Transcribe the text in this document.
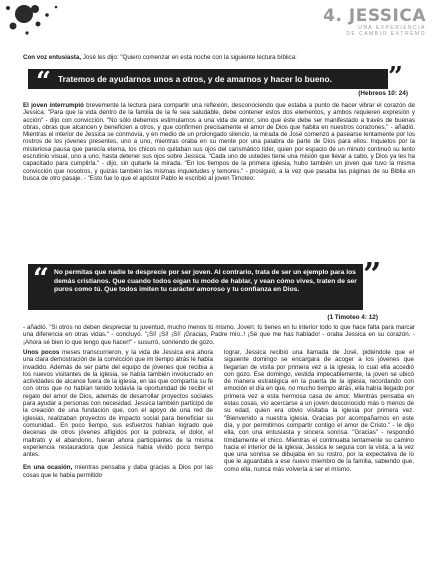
4. JESSICA
UNA EXPERIENCIA
DE CAMBIO EXTREMO
Con voz entusiasta, José les dijo: "Quiero comenzar en esta noche con la siguiente lectura bíblica:
“ Tratemos de ayudarnos unos a otros, y de amarnos y hacer lo bueno. ”
(Hebreos 10: 24)
El joven interrumpió brevemente la lectura para compartir una reflexión, desconociendo que estaba a punto de hacer vibrar el corazón de Jessica. "Para que la vida dentro de la familia de la fe sea saludable, debe contener estos dos elementos, y ambos requieren expresión y acción" - dijo con convicción. "No sólo debemos estimularnos a una vida de amor, sino que éste debe ser manifestado a través de buenas obras, obras que alcancen y beneficien a otros, y que confirmen precisamente el amor de Dios que habita en nuestros corazones." - añadió. Mientras el interior de Jessica se conmovía, y en medio de un prolongado silencio, la mirada de José comenzó a pasearse lentamente por los rostros de los jóvenes presentes, uno a uno, mientras oraba en su mente por una palabra de parte de Dios para ellos. Inquietos por la misteriosa pausa que parecía eterna, los chicos no quitaban sus ojos del carismático líder, quien por espacio de un minuto continuó su lento escrutinio visual, uno a uno, hasta detener sus ojos sobre Jessica. "Cada uno de ustedes tiene una misión que llevar a cabo, y Dios ya les ha capacitado para cumplirla." - dijo, sin quitarle la mirada. "En los tiempos de la primera iglesia, hubo también un joven que tuvo la misma convicción que nosotros, y quizás también las mismas inquietudes y temores." - prosiguió, a la vez que pasaba las páginas de su Biblia en busca de otro pasaje. - "Esto fue lo que el apóstol Pablo le escribió al joven Timoteo:
“ No permitas que nadie te desprecie por ser joven. Al contrario, trata de ser un ejemplo para los demás cristianos. Que cuando todos oigan tu modo de hablar, y vean cómo vives, traten de ser puros como tú. Que todos imiten tu carácter amoroso y tu confianza en Dios.	”
(1 Timoteo 4: 12)
- añadió. "Si otros no deben despreciar tu juventud, mucho menos tú mismo. Joven: tú tienes en tu interior todo lo que hace falta para marcar una diferencia en otras vidas." - concluyó. "¡Sí! ¡Sí! ¡Sí! ¡Gracias, Padre mío..! ¡Sé que me has hablado! - oraba Jessica en su corazón. - ¡Ahora sé bien lo que tengo que hacer!" - susurró, sonriendo de gozo.
Unos pocos meses transcurrieron, y la vida de Jessica era ahora una clara demostración de la convicción que im tiempo atrás le había invadido. Además de ser parte del equipo de jóvenes que recibía a los nuevos visitantes de la iglesia, se había también involucrado en actividades de alcance fuera de la iglesia, en las que compartía su fe con otros que no habían tenido todavía la oportunidad de recibir el regalo del amor de Dios, además de desarrollar proyectos sociales para ayudar a personas con necesidad. Jessica también participó de la creación de una fundación que, con el apoyo de una red de iglesias, realizaban proyectos de impacto social para beneficiar su comunidad.. En poco tiempo, sus esfuerzos habían logrado que decenas de otros jóvenes afligidos por la pobreza, el dolor, el maltrato y el abandono, fueran ahora participantes de la misma experiencia restauradora que Jessica había vivido poco tiempo antes.
En una ocasión, mientras pensaba y daba gracias a Dios por las cosas que le había permitido
lograr, Jessica recibió una llamada de José, pidiéndole que el siguiente domingo se encargara de acoger a los jóvenes que llegarían de visita por primera vez a la iglesia, lo cual ella accedió con gozo. Ese domingo, vestida impecablemente, la joven se ubicó de manera estratégica en la puerta de la iglesia, recordando con emoción el día en que, no mucho tiempo atrás, ella había llegado por primera vez a esta hermosa casa de amor. Mientras pensaba en estas cosas, vio acercarse a un joven desconocido más o menos de su edad, quien era obvio visitaba la iglesia por primera vez. "Bienvenido a nuestra iglesia. Gracias por acompañarnos en este día, y por permitirnos compartir contigo el amor de Cristo." - le dijo ella, con una entusiasta y sincera sonrisa. "Gracias" - respondió tímidamente el chico. Mientras el continuaba lentamente su camino hacia el interior de la iglesia, Jessica le seguía con la vista, a la vez que una sonrisa se dibujaba en su rostro, por la expectativa de lo que le aguardaba a ese nuevo miembro de la familia, sabiendo que, como ella, nunca más volvería a ser el mismo.
